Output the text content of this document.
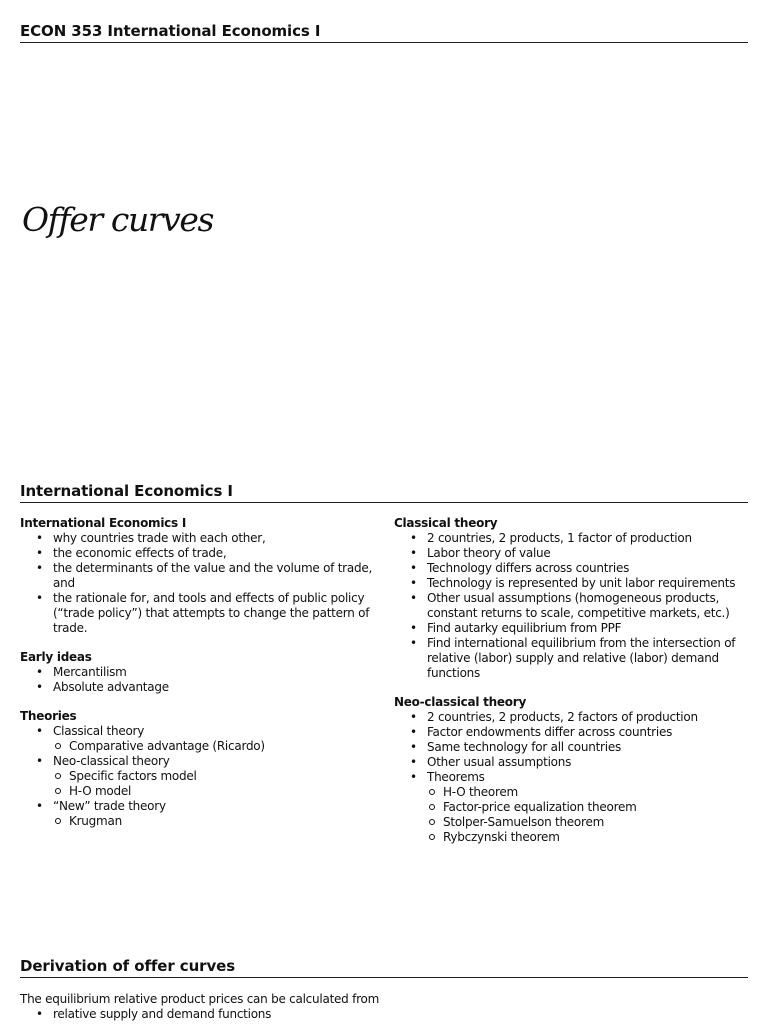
ECON 353 International Economics I
Offer curves
International Economics I
International Economics I
• why countries trade with each other,
• the economic effects of trade,
• the determinants of the value and the volume of trade, and
• the rationale for, and tools and effects of public policy (“trade policy”) that attempts to change the pattern of trade.
Early ideas
• Mercantilism
• Absolute advantage
Theories
• Classical theory
Comparative advantage (Ricardo)
• Neo-classical theory
Specific factors model
H-O model
• “New” trade theory
Krugman
Classical theory
• 2 countries, 2 products, 1 factor of production
• Labor theory of value
• Technology differs across countries
• Technology is represented by unit labor requirements
• Other usual assumptions (homogeneous products, constant returns to scale, competitive markets, etc.)
• Find autarky equilibrium from PPF
• Find international equilibrium from the intersection of relative (labor) supply and relative (labor) demand functions
Neo-classical theory
• 2 countries, 2 products, 2 factors of production
• Factor endowments differ across countries
• Same technology for all countries
• Other usual assumptions
• Theorems
H-O theorem
Factor-price equalization theorem
Stolper-Samuelson theorem
Rybczynski theorem
Derivation of offer curves
The equilibrium relative product prices can be calculated from
• relative supply and demand functions
